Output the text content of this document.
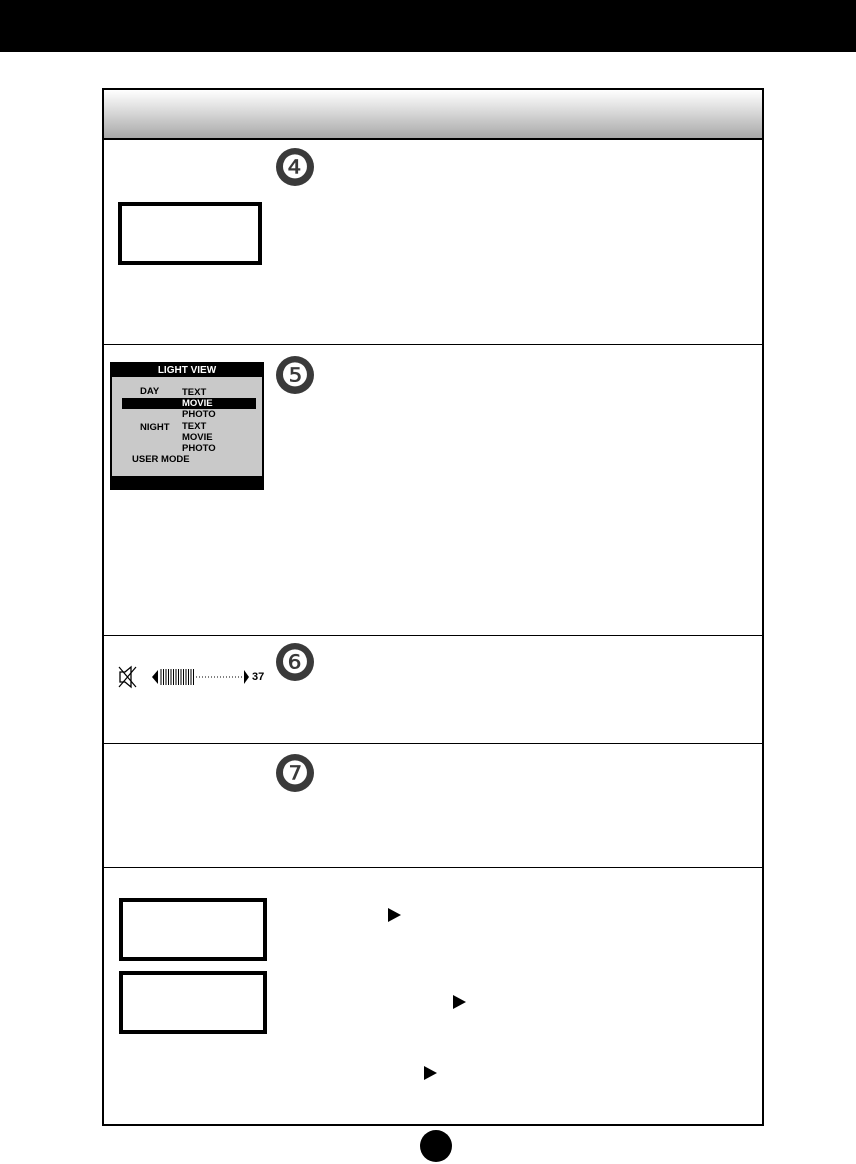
❹
❺
LIGHT VIEW
DAY TEXT
MOVIE
PHOTO
NIGHT TEXT
MOVIE
PHOTO
USER MODE
❻
37
❼
